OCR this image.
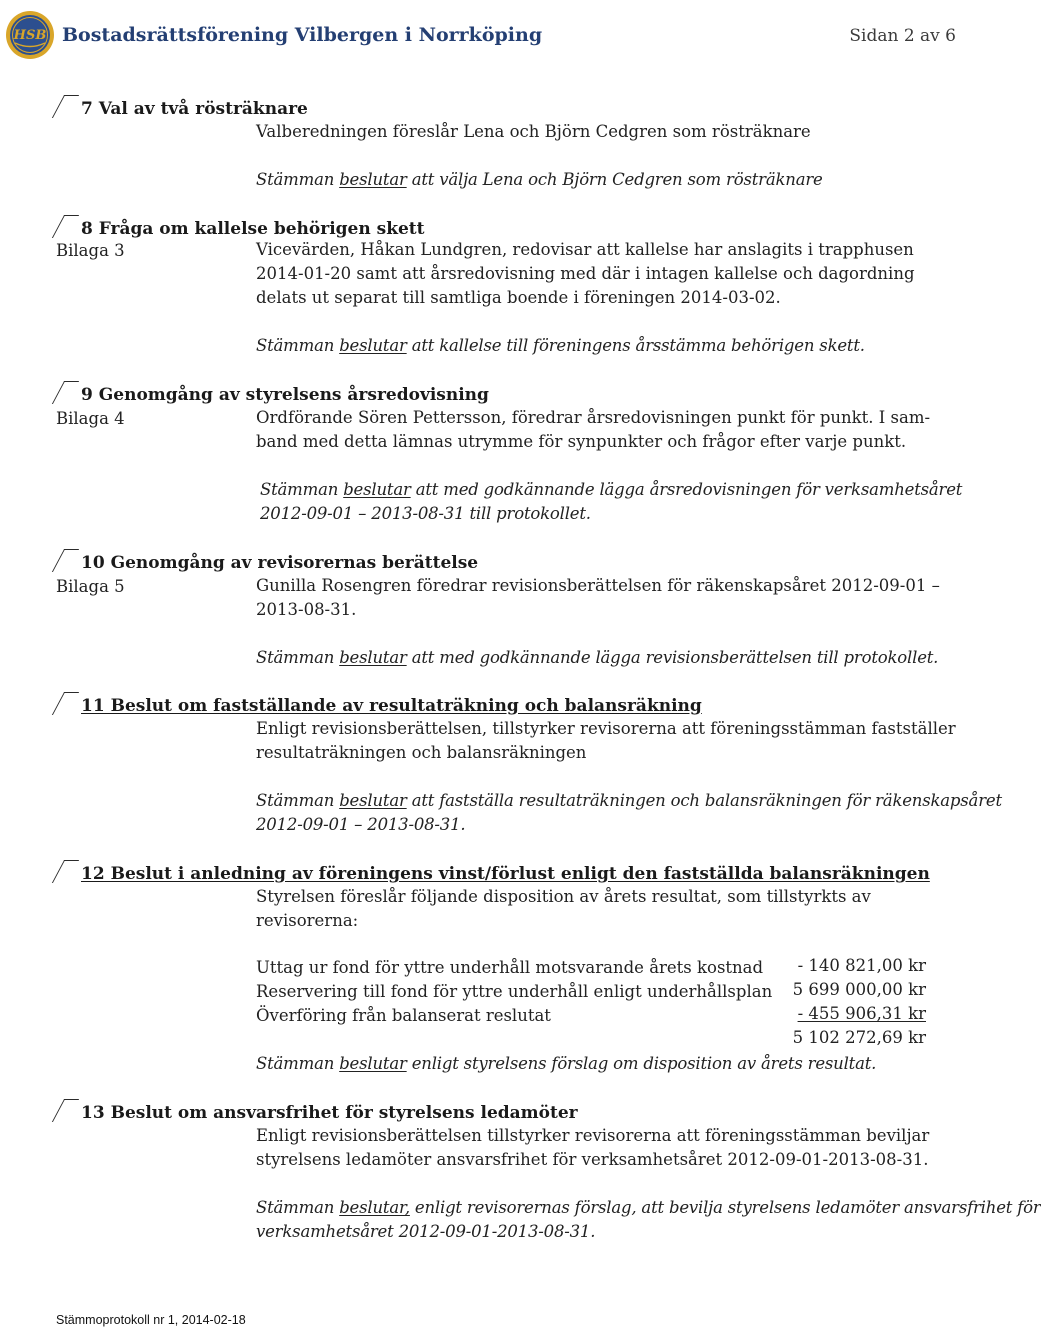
HSB Bostadsrättsförening Vilbergen i Norrköping	Sidan 2 av 6
7 Val av två rösträknare
Valberedningen föreslår Lena och Björn Cedgren som rösträknare
Stämman beslutar att välja Lena och Björn Cedgren som rösträknare
8 Fråga om kallelse behörigen skett
Bilaga 3	Vicevärden, Håkan Lundgren, redovisar att kallelse har anslagits i trapphusen
2014-01-20 samt att årsredovisning med där i intagen kallelse och dagordning
delats ut separat till samtliga boende i föreningen 2014-03-02.
Stämman beslutar att kallelse till föreningens årsstämma behörigen skett.
9 Genomgång av styrelsens årsredovisning
Bilaga 4	Ordförande Sören Pettersson, föredrar årsredovisningen punkt för punkt. I sam-
band med detta lämnas utrymme för synpunkter och frågor efter varje punkt.
Stämman beslutar att med godkännande lägga årsredovisningen för verksamhetsåret
2012-09-01 – 2013-08-31 till protokollet.
10 Genomgång av revisorernas berättelse
Bilaga 5	Gunilla Rosengren föredrar revisionsberättelsen för räkenskapsåret 2012-09-01 –
2013-08-31.
Stämman beslutar att med godkännande lägga revisionsberättelsen till protokollet.
11 Beslut om fastställande av resultaträkning och balansräkning
Enligt revisionsberättelsen, tillstyrker revisorerna att föreningsstämman fastställer
resultaträkningen och balansräkningen
Stämman beslutar att fastställa resultaträkningen och balansräkningen för räkenskapsåret
2012-09-01 – 2013-08-31.
12 Beslut i anledning av föreningens vinst/förlust enligt den fastställda balansräkningen
Styrelsen föreslår följande disposition av årets resultat, som tillstyrkts av
revisorerna:
Uttag ur fond för yttre underhåll motsvarande årets kostnad - 140 821,00 kr
Reservering till fond för yttre underhåll enligt underhållsplan 5 699 000,00 kr
Överföring från balanserat reslutat	- 455 906,31 kr
5 102 272,69 kr
Stämman beslutar enligt styrelsens förslag om disposition av årets resultat.
13 Beslut om ansvarsfrihet för styrelsens ledamöter
Enligt revisionsberättelsen tillstyrker revisorerna att föreningsstämman beviljar
styrelsens ledamöter ansvarsfrihet för verksamhetsåret 2012-09-01-2013-08-31.
Stämman beslutar, enligt revisorernas förslag, att bevilja styrelsens ledamöter ansvarsfrihet för
verksamhetsåret 2012-09-01-2013-08-31.
Stämmoprotokoll nr 1, 2014-02-18
